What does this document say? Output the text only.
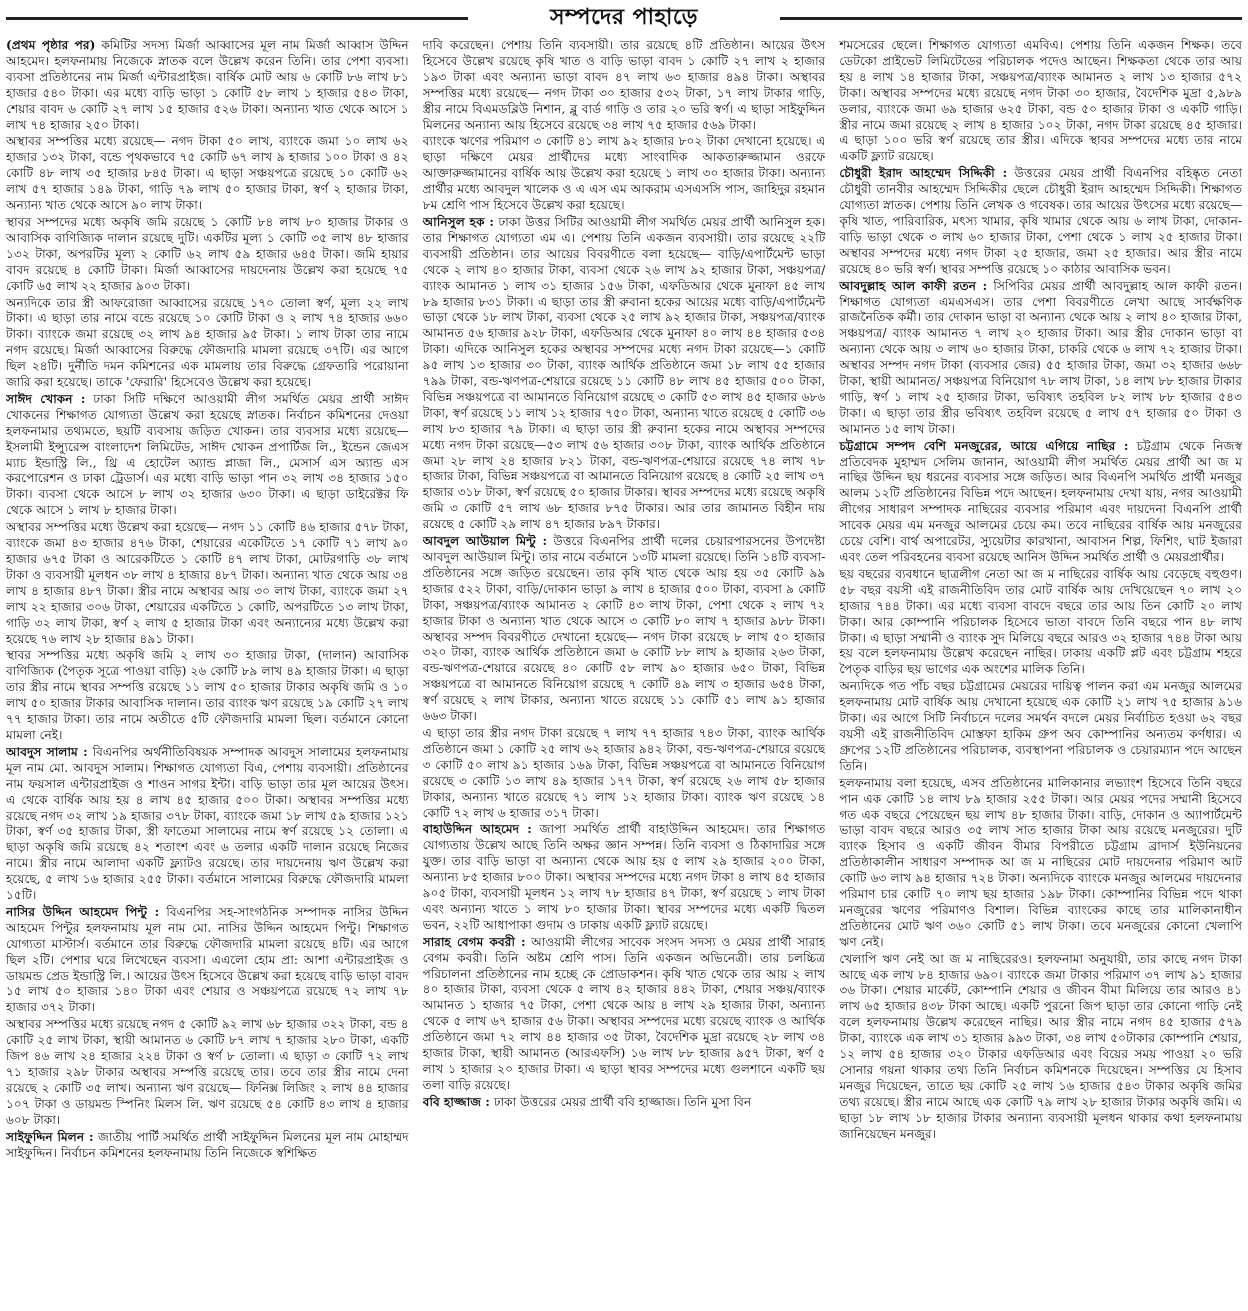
সম্পদের পাহাড়ে

(প্রথম পৃষ্ঠার পর) কমিটির সদস্য মির্জা আব্বাসের মূল নাম মির্জা আব্বাস উদ্দিন আহমেদ। হলফনামায় নিজেকে স্নাতক বলে উল্লেখ করেন তিনি। তার পেশা ব্যবসা। ব্যবসা প্রতিষ্ঠানের নাম মির্জা এন্টারপ্রাইজ। বার্ষিক মোট আয় ৬ কোটি ৮৬ লাখ ৮১ হাজার ৫৪০ টাকা। এর মধ্যে বাড়ি ভাড়া ১ কোটি ৫৮ লাখ ১ হাজার ৫৪৩ টাকা, শেয়ার বাবদ ৬ কোটি ২৭ লাখ ১৫ হাজার ৫২৬ টাকা। অন্যান্য খাত থেকে আসে ১ লাখ ৭৪ হাজার ২৫০ টাকা।

অস্থাবর সম্পত্তির মধ্যে রয়েছে— নগদ টাকা ৫০ লাখ, ব্যাংকে জমা ১০ লাখ ৬২ হাজার ১৩২ টাকা, বন্ডে পৃথকভাবে ৭৫ কোটি ৬৭ লাখ ৯ হাজার ১০০ টাকা ও ৪২ কোটি ৪৮ লাখ ৩৫ হাজার ৮৪৫ টাকা। এ ছাড়া সঞ্চয়পত্রে রয়েছে ১০ কোটি ৬২ লাখ ৫৭ হাজার ১৪৯ টাকা, গাড়ি ৭৯ লাখ ৫০ হাজার টাকা, স্বর্ণ ২ হাজার টাকা, অন্যান্য খাত থেকে আসে ৯০ লাখ টাকা।

স্থাবর সম্পদের মধ্যে অকৃষি জমি রয়েছে ১ কোটি ৮৪ লাখ ৮০ হাজার টাকার ও আবাসিক বাণিজ্যিক দালান রয়েছে দুটি। একটির মূল্য ১ কোটি ৩৫ লাখ ৪৮ হাজার ১৩২ টাকা, অপরটির মূল্য ২ কোটি ৬২ লাখ ৫৯ হাজার ৬৪৫ টাকা। জমি হায়ার বাবদ রয়েছে ৪ কোটি টাকা। মির্জা আব্বাসের দায়দেনায় উল্লেখ করা হয়েছে ৭৫ কোটি ৬৫ লাখ ২২ হাজার ৯০৩ টাকা।

অন্যদিকে তার স্ত্রী আফরোজা আব্বাসের রয়েছে ১৭০ তোলা স্বর্ণ, মূল্য ২২ লাখ টাকা। এ ছাড়া তার নামে বন্ডে রয়েছে ১০ কোটি টাকা ও ২ লাখ ৭৪ হাজার ৬৬০ টাকা। ব্যাংকে জমা রয়েছে ৩২ লাখ ৯৪ হাজার ৯৫ টাকা। ১ লাখ টাকা তার নামে নগদ রয়েছে। মির্জা আব্বাসের বিরুদ্ধে ফৌজদারি মামলা রয়েছে ৩৭টি। এর আগে ছিল ২৪টি। দুর্নীতি দমন কমিশনের এক মামলায় তার বিরুদ্ধে গ্রেফতারি পরোয়ানা জারি করা হয়েছে। তাকে 'ফেরারি' হিসেবেও উল্লেখ করা হয়েছে।

সাঈদ খোকন : ঢাকা সিটি দক্ষিণে আওয়ামী লীগ সমর্থিত মেয়র প্রার্থী সাঈদ খোকনের শিক্ষাগত যোগ্যতা উল্লেখ করা হয়েছে স্নাতক। নির্বাচন কমিশনের দেওয়া হলফনামার তথ্যমতে, ছয়টি ব্যবসায় জড়িত খোকন। তার ব্যবসার মধ্যে রয়েছে— ইসলামী ইন্স্যুরেন্স বাংলাদেশ লিমিটেড, সাঈদ খোকন প্রপার্টিজ লি., ইন্ডেন জেএস ম্যাচ ইন্ডাস্ট্রি লি., থ্রি এ হোটেল অ্যান্ড প্লাজা লি., মেসার্স এস অ্যান্ড এস করপোরেশন ও ঢাকা ট্রেডার্স। এর মধ্যে বাড়ি ভাড়া পান ৩২ লাখ ৩৪ হাজার ১৫০ টাকা। ব্যবসা থেকে আসে ৮ লাখ ৩২ হাজার ৬৩০ টাকা। এ ছাড়া ডাইরেক্টর ফি থেকে আসে ১ লাখ ৮ হাজার টাকা।

অস্থাবর সম্পত্তির মধ্যে উল্লেখ করা হয়েছে— নগদ ১১ কোটি ৪৬ হাজার ৫৭৮ টাকা, ব্যাংকে জমা ৪৩ হাজার ৪৭৬ টাকা, শেয়ারের একেটিতে ১৭ কোটি ৭১ লাখ ৯০ হাজার ৬৭৫ টাকা ও আরেকটিতে ১ কোটি ৪৭ লাখ টাকা, মোটরগাড়ি ৩৮ লাখ টাকা ও ব্যবসায়ী মূলধন ৩৮ লাখ ৪ হাজার ৪৮৭ টাকা। অন্যান্য খাত থেকে আয় ৩৪ লাখ ৪ হাজার ৪৮৭ টাকা। স্ত্রীর নামে অস্থাবর আয় ৩০ লাখ টাকা, ব্যাংকে জমা ২৭ লাখ ২২ হাজার ৩০৬ টাকা, শেয়ারের একটিতে ১ কোটি, অপরটিতে ১৩ লাখ টাকা, গাড়ি ৩২ লাখ টাকা, স্বর্ণ ২ লাখ ৫ হাজার টাকা এবং অন্যান্যের মধ্যে উল্লেখ করা হয়েছে ৭৬ লাখ ২৮ হাজার ৪৯১ টাকা।

স্থাবর সম্পত্তির মধ্যে অকৃষি জমি ২ লাখ ৩০ হাজার টাকা, (দালান) আবাসিক বাণিজ্যিক (পৈতৃক সূত্রে পাওয়া বাড়ি) ২৬ কোটি ৮৯ লাখ ৪৯ হাজার টাকা। এ ছাড়া তার স্ত্রীর নামে স্থাবর সম্পত্তি রয়েছে ১১ লাখ ৫০ হাজার টাকার অকৃষি জমি ও ১০ লাখ ৫০ হাজার টাকার আবাসিক দালান। তার ব্যাংক ঋণ রয়েছে ১৯ কোটি ২৭ লাখ ৭৭ হাজার টাকা। তার নামে অতীতে ৫টি ফৌজদারি মামলা ছিল। বর্তমানে কোনো মামলা নেই।

আবদুস সালাম : বিএনপির অর্থনীতিবিষয়ক সম্পাদক আবদুস সালামের হলফনামায় মূল নাম মো. আবদুস সালাম। শিক্ষাগত যোগ্যতা বিএ, পেশায় ব্যবসায়ী। প্রতিষ্ঠানের নাম ফয়সাল এন্টারপ্রাইজ ও শাওন সাগর ইন্টা। বাড়ি ভাড়া তার মূল আয়ের উৎস। এ থেকে বার্ষিক আয় হয় ৪ লাখ ৪৫ হাজার ৫০০ টাকা। অস্থাবর সম্পত্তির মধ্যে রয়েছে নগদ ৩২ লাখ ১৯ হাজার ৩৭৮ টাকা, ব্যাংকে জমা ১৮ লাখ ৫৯ হাজার ১২১ টাকা, স্বর্ণ ৩৫ হাজার টাকা, স্ত্রী ফাতেমা সালামের নামে স্বর্ণ রয়েছে ১২ তোলা। এ ছাড়া অকৃষি জমি রয়েছে ৪২ শতাংশ এবং ৬ তলার একটি দালান রয়েছে নিজের নামে। স্ত্রীর নামে আলাদা একটি ফ্ল্যাটও রয়েছে। তার দায়দেনায় ঋণ উল্লেখ করা হয়েছে, ৫ লাখ ১৬ হাজার ২৫৫ টাকা। বর্তমানে সালামের বিরুদ্ধে ফৌজদারি মামলা ১৫টি।

নাসির উদ্দিন আহমেদ পিন্টু : বিএনপির সহ-সাংগঠনিক সম্পাদক নাসির উদ্দিন আহমেদ পিন্টুর হলফনামায় মূল নাম মো. নাসির উদ্দিন আহমেদ পিন্টু। শিক্ষাগত যোগ্যতা মাস্টার্স। বর্তমানে তার বিরুদ্ধে ফৌজদারি মামলা রয়েছে ৪টি। এর আগে ছিল ২টি। পেশার ঘরে লিখেছেন ব্যবসা। এএলো হোম প্রা: আশা এন্টারপ্রাইজ ও ডায়মন্ড প্রেড ইন্ডাস্ট্রি লি.। আয়ের উৎস হিসেবে উল্লেখ করা হয়েছে বাড়ি ভাড়া বাবদ ১৫ লাখ ৫০ হাজার ১৪০ টাকা এবং শেয়ার ও সঞ্চয়পত্রে রয়েছে ৭২ লাখ ৭৮ হাজার ৩৭২ টাকা।

অস্থাবর সম্পত্তির মধ্যে রয়েছে নগদ ৫ কোটি ৯২ লাখ ৬৮ হাজার ৩২২ টাকা, বন্ড ৪ কোটি ২৫ লাখ টাকা, স্থায়ী আমানত ৬ কোটি ৮৭ লাখ ৭ হাজার ২৮০ টাকা, একটি জিপ ৪৬ লাখ ২৪ হাজার ২২৪ টাকা ও স্বর্ণ ৮ তোলা। এ ছাড়া ৩ কোটি ৭২ লাখ ৭১ হাজার ২৯৮ টাকার অস্থাবর সম্পত্তি রয়েছে তার। তবে তার স্ত্রীর নামে দেনা রয়েছে ২ কোটি ৩৫ লাখ। অন্যান্য ঋণ রয়েছে— ফিনিক্স লিজিং ২ লাখ ৪৪ হাজার ১০৭ টাকা ও ডায়মন্ড স্পিনিং মিলস লি. ঋণ রয়েছে ৫৪ কোটি ৪৩ লাখ ৪ হাজার ৬০৮ টাকা।

সাইফুদ্দিন মিলন : জাতীয় পার্টি সমর্থিত প্রার্থী সাইফুদ্দিন মিলনের মূল নাম মোহাম্মদ সাইফুদ্দিন। নির্বাচন কমিশনের হলফনামায় তিনি নিজেকে স্বশিক্ষিত

দাবি করেছেন। পেশায় তিনি ব্যবসায়ী। তার রয়েছে ৪টি প্রতিষ্ঠান। আয়ের উৎস হিসেবে উল্লেখ রয়েছে কৃষি খাত ও বাড়ি ভাড়া বাবদ ১ কোটি ২৭ লাখ ২ হাজার ১৯৩ টাকা এবং অন্যান্য ভাড়া বাবদ ৪৭ লাখ ৬৩ হাজার ৪৯৪ টাকা। অস্থাবর সম্পত্তির মধ্যে রয়েছে— নগদ টাকা ৩০ হাজার ৫৩২ টাকা, ১৭ লাখ টাকার গাড়ি, স্ত্রীর নামে বিএমডব্লিউ নিশান, ব্লু বার্ড গাড়ি ও তার ২০ ভরি স্বর্ণ। এ ছাড়া সাইফুদ্দিন মিলনের অন্যান্য আয় হিসেবে রয়েছে ৩৪ লাখ ৭৫ হাজার ৫৬৯ টাকা।

ব্যাংকে ঋণের পরিমাণ ৩ কোটি ৪১ লাখ ৯২ হাজার ৮০২ টাকা দেখানো হয়েছে। এ ছাড়া দক্ষিণে মেয়র প্রার্থীদের মধ্যে সাংবাদিক আকতারুজ্জামান ওরফে আক্তারুজ্জামানের বার্ষিক আয় উল্লেখ করা হয়েছে ১ লাখ ৩০ হাজার টাকা। অন্যান্য প্রার্থীর মধ্যে আবদুল খালেক ও এ এস এম আকরাম এসএসসি পাস, জাহিদুর রহমান ৮ম শ্রেণি পাস হিসেবে উল্লেখ করা হয়েছে।

আনিসুল হক : ঢাকা উত্তর সিটির আওয়ামী লীগ সমর্থিত মেয়র প্রার্থী আনিসুল হক। তার শিক্ষাগত যোগ্যতা এম এ। পেশায় তিনি একজন ব্যবসায়ী। তার রয়েছে ২২টি ব্যবসায়ী প্রতিষ্ঠান। তার আয়ের বিবরণীতে বলা হয়েছে— বাড়ি/এপার্টমেন্ট ভাড়া থেকে ২ লাখ ৪০ হাজার টাকা, ব্যবসা থেকে ২৬ লাখ ৯২ হাজার টাকা, সঞ্চয়পত্র/ব্যাংক আমানত ১ লাখ ৩১ হাজার ১৫৬ টাকা, এফডিআর থেকে মুনাফা ৪৫ লাখ ৮৯ হাজার ৮৩১ টাকা। এ ছাড়া তার স্ত্রী রুবানা হকের আয়ের মধ্যে বাড়ি/এপার্টমেন্ট ভাড়া থেকে ১৮ লাখ টাকা, ব্যবসা থেকে ২৫ লাখ ৯২ হাজার টাকা, সঞ্চয়পত্র/ব্যাংক আমানত ৫৬ হাজার ৯২৮ টাকা, এফডিআর থেকে মুনাফা ৪০ লাখ ৪৪ হাজার ৫৩৪ টাকা। এদিকে আনিসুল হকের অস্থাবর সম্পদের মধ্যে নগদ টাকা রয়েছে—১ কোটি ৯৫ লাখ ১৩ হাজার ৩০ টাকা, ব্যাংক আর্থিক প্রতিষ্ঠানে জমা ১৮ লাখ ৫৫ হাজার ৭৯৯ টাকা, বন্ড-ঋণপত্র-শেয়ারে রয়েছে ১১ কোটি ৪৮ লাখ ৪৫ হাজার ৫০০ টাকা, বিভিন্ন সঞ্চয়পত্রে বা আমানতে বিনিয়োগ রয়েছে ৩ কোটি ৫৩ লাখ ৪৫ হাজার ৬৮৬ টাকা, স্বর্ণ রয়েছে ১১ লাখ ১২ হাজার ৭৫০ টাকা, অন্যান্য খাতে রয়েছে ৫ কোটি ৩৬ লাখ ৮৩ হাজার ৭৯ টাকা। এ ছাড়া তার স্ত্রী রুবানা হকের নামে অস্থাবর সম্পদের মধ্যে নগদ টাকা রয়েছে—৫৩ লাখ ৫৬ হাজার ৩০৮ টাকা, ব্যাংক আর্থিক প্রতিষ্ঠানে জমা ২৮ লাখ ২৪ হাজার ৮২১ টাকা, বন্ড-ঋণপত্র-শেয়ারে রয়েছে ৭৪ লাখ ৭৮ হাজার টাকা, বিভিন্ন সঞ্চয়পত্রে বা আমানতে বিনিয়োগ রয়েছে ৪ কোটি ২৫ লাখ ৩৭ হাজার ৩১৮ টাকা, স্বর্ণ রয়েছে ৫০ হাজার টাকার। স্থাবর সম্পদের মধ্যে রয়েছে অকৃষি জমি ৩ কোটি ৫৭ লাখ ৬৮ হাজার ৮৭৫ টাকার। আর তার জামানত বিহীন দায় রয়েছে ৫ কোটি ২৯ লাখ ৪৭ হাজার ৮৯৭ টাকার।

আবদুল আউয়াল মিন্টু : উত্তরে বিএনপির প্রার্থী দলের চেয়ারপারসনের উপদেষ্টা আবদুল আউয়াল মিন্টু। তার নামে বর্তমানে ১৩টি মামলা রয়েছে। তিনি ১৪টি ব্যবসা-প্রতিষ্ঠানের সঙ্গে জড়িত রয়েছেন। তার কৃষি খাত থেকে আয় হয় ৩৫ কোটি ৯৯ হাজার ৫২২ টাকা, বাড়ি/দোকান ভাড়া ৯ লাখ ৪ হাজার ৫০০ টাকা, ব্যবসা ৯ কোটি টাকা, সঞ্চয়পত্র/ব্যাংক আমানত ২ কোটি ৪৩ লাখ টাকা, পেশা থেকে ২ লাখ ৭২ হাজার টাকা ও অন্যান্য খাত থেকে আসে ৩ কোটি ৮০ লাখ ৭ হাজার ৯৮৮ টাকা। অস্থাবর সম্পদ বিবরণীতে দেখানো হয়েছে— নগদ টাকা রয়েছে ৮ লাখ ৫০ হাজার ৩২০ টাকা, ব্যাংক আর্থিক প্রতিষ্ঠানে জমা ৬ কোটি ৮৮ লাখ ৯ হাজার ২৬৩ টাকা, বন্ড-ঋণপত্র-শেয়ারে রয়েছে ৪০ কোটি ৫৮ লাখ ৯০ হাজার ৬৫০ টাকা, বিভিন্ন সঞ্চয়পত্রে বা আমানতে বিনিয়োগ রয়েছে ৭ কোটি ৪৯ লাখ ৩ হাজার ৬৫৪ টাকা, স্বর্ণ রয়েছে ২ লাখ টাকার, অন্যান্য খাতে রয়েছে ১১ কোটি ৫১ লাখ ৯১ হাজার ৬৬৩ টাকা।

এ ছাড়া তার স্ত্রীর নগদ টাকা রয়েছে ৭ লাখ ৭৭ হাজার ৭৪৩ টাকা, ব্যাংক আর্থিক প্রতিষ্ঠানে জমা ১ কোটি ২৫ লাখ ৬২ হাজার ৯৪২ টাকা, বন্ড-ঋণপত্র-শেয়ারে রয়েছে ৩ কোটি ৫০ লাখ ৯১ হাজার ১৬৯ টাকা, বিভিন্ন সঞ্চয়পত্রে বা আমানতে বিনিয়োগ রয়েছে ৩ কোটি ১৩ লাখ ৪৯ হাজার ১৭৭ টাকা, স্বর্ণ রয়েছে ২৬ লাখ ৫৮ হাজার টাকার, অন্যান্য খাতে রয়েছে ৭১ লাখ ১২ হাজার টাকা। ব্যাংক ঋণ রয়েছে ১৪ কোটি ৭২ লাখ ৬ হাজার ৩১৭ টাকা।

বাহাউদ্দিন আহমেদ : জাপা সমর্থিত প্রার্থী বাহাউদ্দিন আহমেদ। তার শিক্ষাগত যোগ্যতায় উল্লেখ আছে তিনি অক্ষর জ্ঞান সম্পন্ন। তিনি ব্যবসা ও ঠিকাদারির সঙ্গে যুক্ত। তার বাড়ি ভাড়া বা অন্যান্য থেকে আয় হয় ৫ লাখ ২৯ হাজার ২০০ টাকা, অন্যান্য ৮৫ হাজার ৮০০ টাকা। অস্থাবর সম্পদের মধ্যে নগদ টাকা ৪ লাখ ৪৫ হাজার ৯০৫ টাকা, ব্যবসায়ী মূলধন ১২ লাখ ৭৮ হাজার ৪৭ টাকা, স্বর্ণ রয়েছে ১ লাখ টাকা এবং অন্যান্য খাতে ১ লাখ ৮০ হাজার টাকা। স্থাবর সম্পদের মধ্যে একটি দ্বিতল ভবন, ২২টি আধাপাকা গুদাম ও ঢাকায় একটি ফ্ল্যাট রয়েছে।

সারাহ বেগম কবরী : আওয়ামী লীগের সাবেক সংসদ সদস্য ও মেয়র প্রার্থী সারাহ বেগম কবরী। তিনি অষ্টম শ্রেণি পাস। তিনি একজন অভিনেত্রী। তার চলচ্চিত্র পরিচালনা প্রতিষ্ঠানের নাম হচ্ছে কে প্রোডাকশন। কৃষি খাত থেকে তার আয় ২ লাখ ৪০ হাজার টাকা, ব্যবসা থেকে ৫ লাখ ৪২ হাজার ৪৪২ টাকা, শেয়ার সঞ্চয়/ব্যাংক আমানত ১ হাজার ৭৫ টাকা, পেশা থেকে আয় ৪ লাখ ২৯ হাজার টাকা, অন্যান্য থেকে ৫ লাখ ৬৭ হাজার ৫৬ টাকা। অস্থাবর সম্পদের মধ্যে রয়েছে ব্যাংক ও আর্থিক প্রতিষ্ঠানে জমা ৭২ লাখ ৪৪ হাজার ৩৫ টাকা, বৈদেশিক মুদ্রা রয়েছে ২৮ লাখ ৩৪ হাজার টাকা, স্থায়ী আমানত (আরএফসি) ১৬ লাখ ৮৮ হাজার ৯৫৭ টাকা, স্বর্ণ ৫ লাখ ১ হাজার ২০ হাজার টাকা। এ ছাড়া স্থাবর সম্পদের মধ্যে গুলশানে একটি ছয় তলা বাড়ি রয়েছে।

ববি হাজ্জাজ : ঢাকা উত্তরের মেয়র প্রার্থী ববি হাজ্জাজ। তিনি মুসা বিন

শমসেরের ছেলে। শিক্ষাগত যোগ্যতা এমবিএ। পেশায় তিনি একজন শিক্ষক। তবে ডেটকো প্রাইভেট লিমিটেডের পরিচালক পদেও আছেন। শিক্ষকতা থেকে তার আয় হয় ৪ লাখ ১৪ হাজার টাকা, সঞ্চয়পত্র/ব্যাংক আমানত ২ লাখ ১৩ হাজার ৫৭২ টাকা। অস্থাবর সম্পদের মধ্যে রয়েছে নগদ টাকা ৩০ হাজার, বৈদেশিক মুদ্রা ৫,৯৮৯ ডলার, ব্যাংকে জমা ৬৯ হাজার ৬২৫ টাকা, বন্ড ৫০ হাজার টাকা ও একটি গাড়ি। স্ত্রীর নামে জমা রয়েছে ২ লাখ ৪ হাজার ১০২ টাকা, নগদ টাকা রয়েছে ৪৫ হাজার। এ ছাড়া ১০০ ভরি স্বর্ণ রয়েছে তার স্ত্রীর। এদিকে স্থাবর সম্পদের মধ্যে তার নামে একটি ফ্ল্যাট রয়েছে।

চৌধুরী ইরাদ আহম্মেদ সিদ্দিকী : উত্তরের মেয়র প্রার্থী বিএনপির বহিষ্কৃত নেতা চৌধুরী তানবীর আহম্মেদ সিদ্দিকীর ছেলে চৌধুরী ইরাদ আহম্মেদ সিদ্দিকী। শিক্ষাগত যোগ্যতা স্নাতক। পেশায় তিনি লেখক ও গবেষক। তার আয়ের উৎসের মধ্যে রয়েছে— কৃষি খাত, পারিবারিক, মৎস্য খামার, কৃষি খামার থেকে আয় ৬ লাখ টাকা, দোকান-বাড়ি ভাড়া থেকে ৩ লাখ ৬০ হাজার টাকা, পেশা থেকে ১ লাখ ২৫ হাজার টাকা। অস্থাবর সম্পদের মধ্যে নগদ টাকা ২৫ হাজার, জমা ২৫ হাজার। আর স্ত্রীর নামে রয়েছে ৪০ ভরি স্বর্ণ। স্থাবর সম্পত্তি রয়েছে ১০ কাঠার আবাসিক ভবন।

আবদুল্লাহ আল কাফী রতন : সিপিবির মেয়র প্রার্থী আবদুল্লাহ আল কাফী রতন। শিক্ষাগত যোগ্যতা এমএসএস। তার পেশা বিবরণীতে লেখা আছে সার্বক্ষণিক রাজনৈতিক কর্মী। তার দোকান ভাড়া বা অন্যান্য থেকে আয় ২ লাখ ৪০ হাজার টাকা, সঞ্চয়পত্র/ ব্যাংক আমানত ৭ লাখ ২০ হাজার টাকা। আর স্ত্রীর দোকান ভাড়া বা অন্যান্য থেকে আয় ৩ লাখ ৬০ হাজার টাকা, চাকরি থেকে ৬ লাখ ৭২ হাজার টাকা। অস্থাবর সম্পদ নগদ টাকা (ব্যবসার জের) ৫৫ হাজার টাকা, জমা ৩২ হাজার ৬৬৮ টাকা, স্থায়ী আমানত/ সঞ্চয়পত্র বিনিয়োগ ৭৮ লাখ টাকা, ১৪ লাখ ৮৮ হাজার টাকার গাড়ি, স্বর্ণ ১ লাখ ২৫ হাজার টাকা, ভবিষ্যৎ তহবিল ৮২ লাখ ৮৮ হাজার ৫৪৩ টাকা। এ ছাড়া তার স্ত্রীর ভবিষ্যৎ তহবিল রয়েছে ৫ লাখ ৫৭ হাজার ৫০ টাকা ও আমানত ১৫ লাখ টাকা।

চট্টগ্রামে সম্পদ বেশি মনজুরের, আয়ে এগিয়ে নাছির : চট্টগ্রাম থেকে নিজস্ব প্রতিবেদক মুহাম্মদ সেলিম জানান, আওয়ামী লীগ সমর্থিত মেয়র প্রার্থী আ জ ম নাছির উদ্দিন ছয় ধরনের ব্যবসার সঙ্গে জড়িত। আর বিএনপি সমর্থিত প্রার্থী মনজুর আলম ১২টি প্রতিষ্ঠানের বিভিন্ন পদে আছেন। হলফনামায় দেখা যায়, নগর আওয়ামী লীগের সাধারণ সম্পাদক নাছিরের ব্যবসার পরিমাণ এবং দায়দেনা বিএনপি প্রার্থী সাবেক মেয়র এম মনজুর আলমের চেয়ে কম। তবে নাছিরের বার্ষিক আয় মনজুরের চেয়ে বেশি। বার্থ অপারেটর, স্যুয়েটার কারখানা, আবাসন শিল্প, ফিশিং, ঘাট ইজারা এবং তেল পরিবহনের ব্যবসা রয়েছে আনিস উদ্দিন সমর্থিত প্রার্থী ও মেয়রপ্রার্থীর।

ছয় বছরের ব্যবধানে ছাত্রলীগ নেতা আ জ ম নাছিরের বার্ষিক আয় বেড়েছে বহুগুণ। ৫৮ বছর বয়সী এই রাজনীতিবিদ তার মোট বার্ষিক আয় দেখিয়েছেন ৭০ লাখ ২০ হাজার ৭৪৪ টাকা। এর মধ্যে ব্যবসা বাবদে বছরে তার আয় তিন কোটি ২০ লাখ টাকা। আর কোম্পানি পরিচালক হিসেবে ভাতা বাবদে তিনি বছরে পান ৪৮ লাখ টাকা। এ ছাড়া সম্মানী ও ব্যাংক সুদ মিলিয়ে বছরে আরও ৩২ হাজার ৭৪৪ টাকা আয় হয় বলে হলফনামায় উল্লেখ করেছেন নাছির। ঢাকায় একটি প্লট এবং চট্টগ্রাম শহরে পৈতৃক বাড়ির ছয় ভাগের এক অংশের মালিক তিনি।

অন্যদিকে গত পাঁচ বছর চট্টগ্রামের মেয়রের দায়িত্ব পালন করা এম মনজুর আলমের হলফনামায় মোট বার্ষিক আয় দেখানো হয়েছে এক কোটি ২১ লাখ ৭৫ হাজার ৯১৬ টাকা। এর আগে সিটি নির্বাচনে দলের সমর্থন বদলে মেয়র নির্বাচিত হওয়া ৬২ বছর বয়সী এই রাজনীতিবিদ মোস্তফা হাকিম গ্রুপ অব কোম্পানির অন্যতম কর্ণধার। এ গ্রুপের ১২টি প্রতিষ্ঠানের পরিচালক, ব্যবস্থাপনা পরিচালক ও চেয়ারম্যান পদে আছেন তিনি।

হলফনামায় বলা হয়েছে, এসব প্রতিষ্ঠানের মালিকানার লভ্যাংশ হিসেবে তিনি বছরে পান এক কোটি ১৪ লাখ ৮৯ হাজার ২৫৫ টাকা। আর মেয়র পদের সম্মানী হিসেবে গত এক বছরে পেয়েছেন ছয় লাখ ৪৮ হাজার টাকা। বাড়ি, দোকান ও অ্যাপার্টমেন্ট ভাড়া বাবদ বছরে আরও ৩৫ লাখ সাত হাজার টাকা আয় রয়েছে মনজুরের। দুটি ব্যাংক হিসাব ও একটি জীবন বীমার বিপরীতে চট্টগ্রাম ব্রাদার্স ইউনিয়নের প্রতিষ্ঠাকালীন সাধারণ সম্পাদক আ জ ম নাছিরের মোট দায়দেনার পরিমাণ আট কোটি ৬৩ লাখ ৯৪ হাজার ৭২৪ টাকা। অন্যদিকে ব্যাংকে মনজুর আলমের দায়দেনার পরিমাণ চার কোটি ৭০ লাখ ছয় হাজার ১৯৮ টাকা। কোম্পানির বিভিন্ন পদে থাকা মনজুরের ঋণের পরিমাণও বিশাল। বিভিন্ন ব্যাংকের কাছে তার মালিকানাধীন প্রতিষ্ঠানের মোট ঋণ ৩৬০ কোটি ৫১ লাখ টাকা। তবে মনজুরের কোনো খেলাপি ঋণ নেই।

খেলাপি ঋণ নেই আ জ ম নাছিরেরও। হলফনামা অনুযায়ী, তার কাছে নগদ টাকা আছে এক লাখ ৮৪ হাজার ৬৯০। ব্যাংকে জমা টাকার পরিমাণ ৩৭ লাখ ৯১ হাজার ৩৬ টাকা। শেয়ার মার্কেট, কোম্পানি শেয়ার ও জীবন বীমা মিলিয়ে তার আরও ৪১ লাখ ৬৫ হাজার ৪৩৮ টাকা আছে। একটি পুরনো জিপ ছাড়া তার কোনো গাড়ি নেই বলে হলফনামায় উল্লেখ করেছেন নাছির। আর স্ত্রীর নামে নগদ ৪৫ হাজার ৫৭৯ টাকা, ব্যাংকে এক লাখ ৩১ হাজার ৯৯৩ টাকা, ৩৪ লাখ ৫০টাকার কোম্পানি শেয়ার, ১২ লাখ ৫৪ হাজার ৩২০ টাকার এফডিআর এবং বিয়ের সময় পাওয়া ২০ ভরি সোনার গয়না থাকার তথ্য তিনি নির্বাচন কমিশনকে দিয়েছেন। সম্পত্তির যে হিসাব মনজুর দিয়েছেন, তাতে ছয় কোটি ২৫ লাখ ১৬ হাজার ৫৪৩ টাকার অকৃষি জমির তথ্য রয়েছে। স্ত্রীর নামে আছে এক কোটি ৭৯ লাখ ২৮ হাজার টাকার অকৃষি জমি। এ ছাড়া ১৮ লাখ ১৮ হাজার টাকার অন্যান্য ব্যবসায়ী মূলধন থাকার কথা হলফনামায় জানিয়েছেন মনজুর।
